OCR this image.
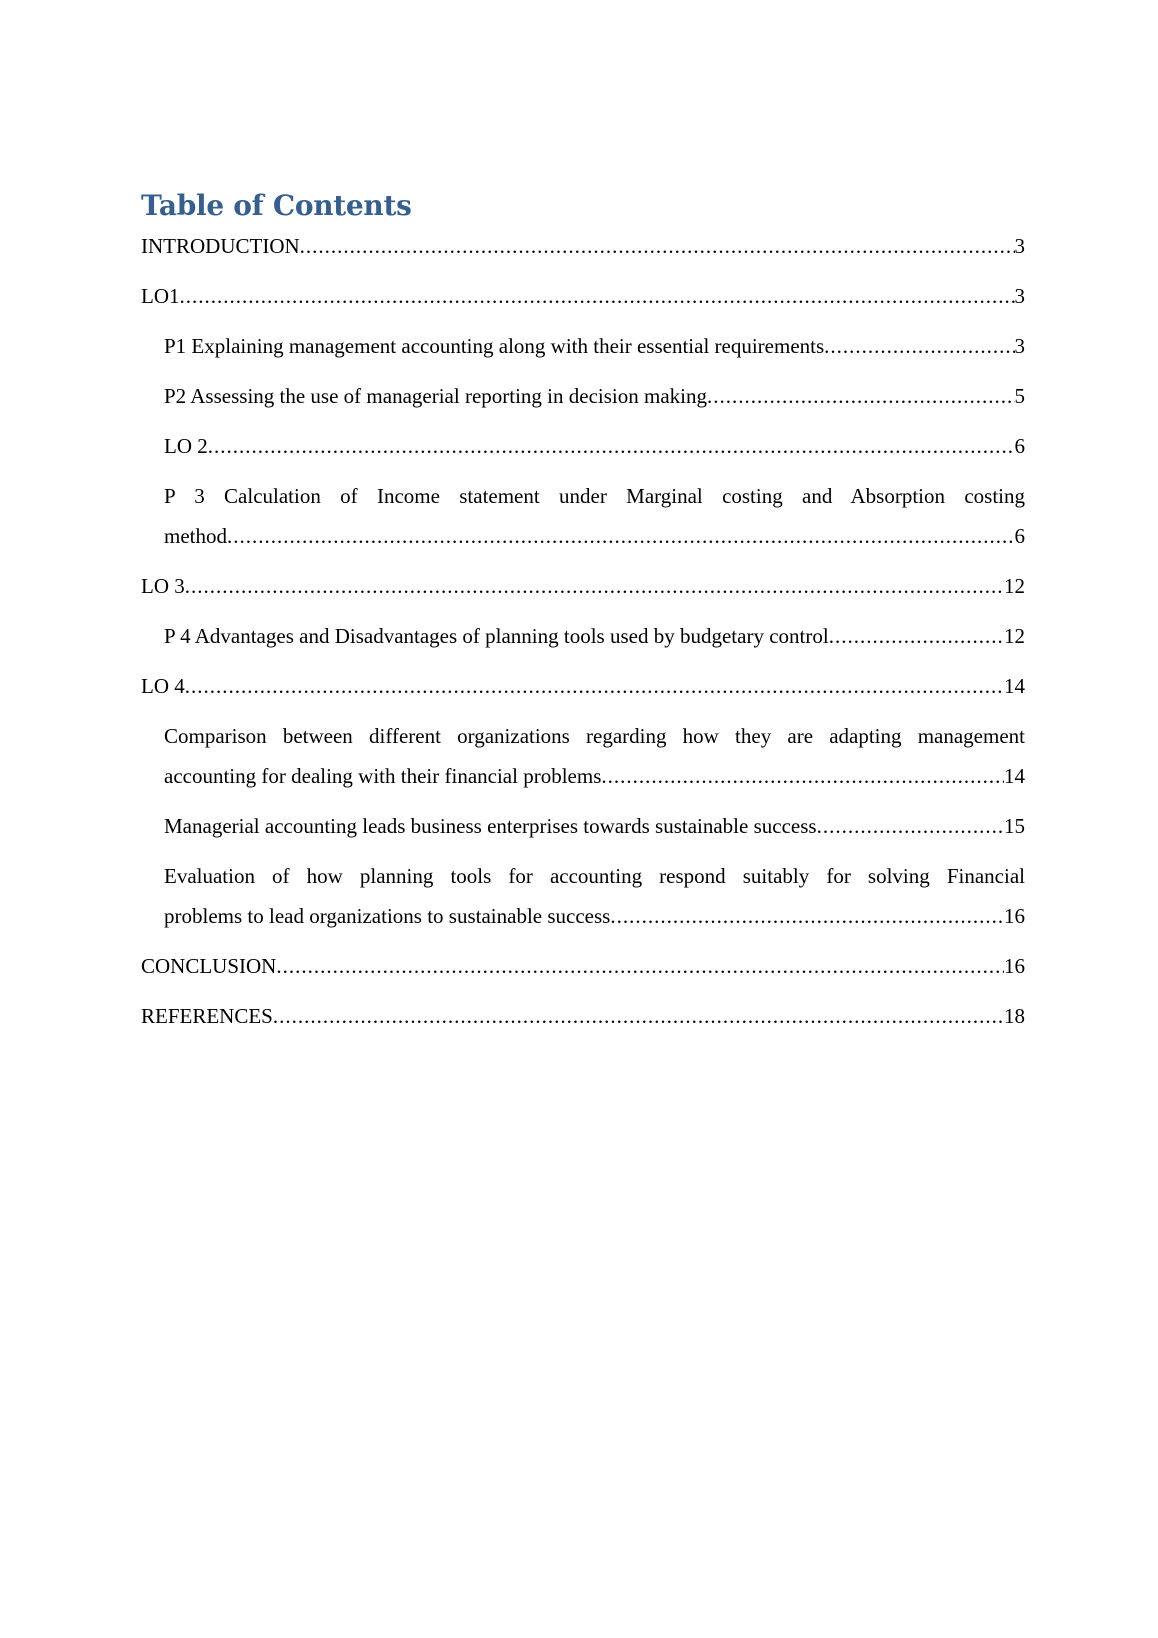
Table of Contents
INTRODUCTION .....	3
LO1 .....	3
P1 Explaining management accounting along with their essential requirements .....	3
P2 Assessing the use of managerial reporting in decision making .....	5
LO 2 .....	6
P 3 Calculation of Income statement under Marginal costing and Absorption costing
method .....	6
LO 3 .....	12
P 4 Advantages and Disadvantages of planning tools used by budgetary control .....	12
LO 4 .....	14
Comparison between different organizations regarding how they are adapting management
accounting for dealing with their financial problems .....	14
Managerial accounting leads business enterprises towards sustainable success .....	15
Evaluation of how planning tools for accounting respond suitably for solving Financial
problems to lead organizations to sustainable success .....	16
CONCLUSION .....	16
REFERENCES .....	18
